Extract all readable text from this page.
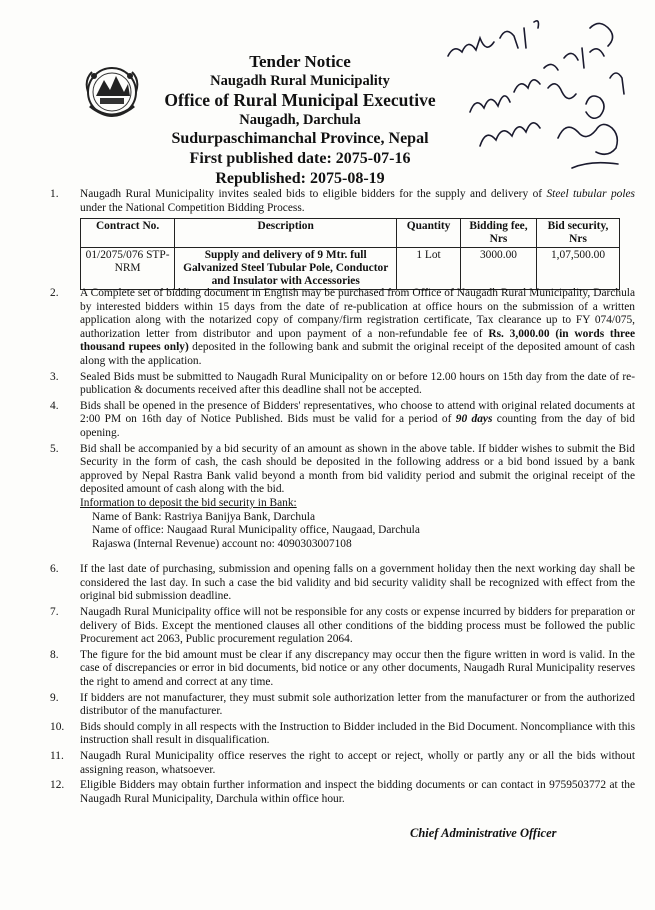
Tender Notice
Naugadh Rural Municipality
Office of Rural Municipal Executive
Naugadh, Darchula
Sudurpaschimanchal Province, Nepal
First published date: 2075-07-16
Republished: 2075-08-19
Contract No.	Description	Quantity	Bidding fee, Nrs	Bid security, Nrs
01/2075/076 STP-NRM	Supply and delivery of 9 Mtr. full Galvanized Steel Tubular Pole, Conductor and Insulator with Accessories	1 Lot	3000.00	1,07,500.00
1.	Naugadh Rural Municipality invites sealed bids to eligible bidders for the supply and delivery of Steel tubular poles under the National Competition Bidding Process.
2.	A Complete set of bidding document in English may be purchased from Office of Naugadh Rural Municipality, Darchula by interested bidders within 15 days from the date of re-publication at office hours on the submission of a written application along with the notarized copy of company/firm registration certificate, Tax clearance up to FY 074/075, authorization letter from distributor and upon payment of a non-refundable fee of Rs. 3,000.00 (in words three thousand rupees only) deposited in the following bank and submit the original receipt of the deposited amount of cash along with the application.
3.	Sealed Bids must be submitted to Naugadh Rural Municipality on or before 12.00 hours on 15th day from the date of re-publication & documents received after this deadline shall not be accepted.
4.	Bids shall be opened in the presence of Bidders' representatives, who choose to attend with original related documents at 2:00 PM on 16th day of Notice Published. Bids must be valid for a period of 90 days counting from the day of bid opening.
5.	Bid shall be accompanied by a bid security of an amount as shown in the above table. If bidder wishes to submit the Bid Security in the form of cash, the cash should be deposited in the following address or a bid bond issued by a bank approved by Nepal Rastra Bank valid beyond a month from bid validity period and submit the original receipt of the deposited amount of cash along with the bid.
Information to deposit the bid security in Bank:
Name of Bank: Rastriya Banijya Bank, Darchula
Name of office: Naugaad Rural Municipality office, Naugaad, Darchula
Rajaswa (Internal Revenue) account no: 4090303007108
6.	If the last date of purchasing, submission and opening falls on a government holiday then the next working day shall be considered the last day. In such a case the bid validity and bid security validity shall be recognized with effect from the original bid submission deadline.
7.	Naugadh Rural Municipality office will not be responsible for any costs or expense incurred by bidders for preparation or delivery of Bids. Except the mentioned clauses all other conditions of the bidding process must be followed the public Procurement act 2063, Public procurement regulation 2064.
8.	The figure for the bid amount must be clear if any discrepancy may occur then the figure written in word is valid. In the case of discrepancies or error in bid documents, bid notice or any other documents, Naugadh Rural Municipality reserves the right to amend and correct at any time.
9.	If bidders are not manufacturer, they must submit sole authorization letter from the manufacturer or from the authorized distributor of the manufacturer.
10.	Bids should comply in all respects with the Instruction to Bidder included in the Bid Document. Noncompliance with this instruction shall result in disqualification.
11.	Naugadh Rural Municipality office reserves the right to accept or reject, wholly or partly any or all the bids without assigning reason, whatsoever.
12.	Eligible Bidders may obtain further information and inspect the bidding documents or can contact in 9759503772 at the Naugadh Rural Municipality, Darchula within office hour.
Chief Administrative Officer
